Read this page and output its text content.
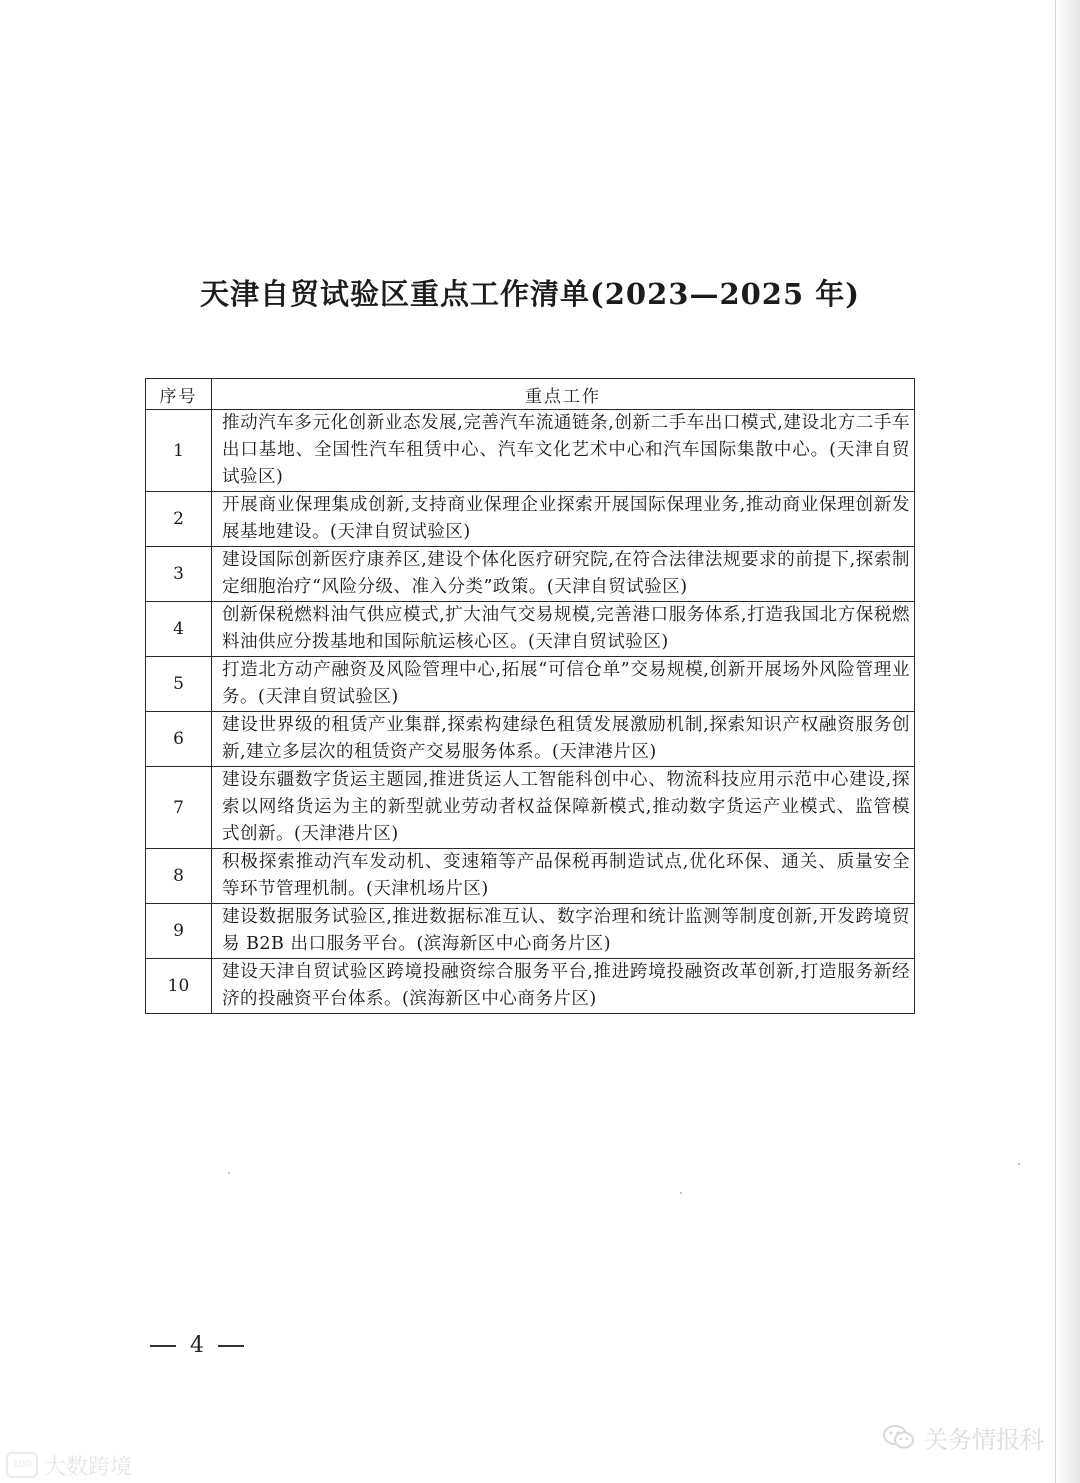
天津自贸试验区重点工作清单(2023—2025 年)
序号	重点工作
1	推动汽车多元化创新业态发展,完善汽车流通链条,创新二手车出口模式,建设北方二手车出口基地、全国性汽车租赁中心、汽车文化艺术中心和汽车国际集散中心。(天津自贸试验区)
2	开展商业保理集成创新,支持商业保理企业探索开展国际保理业务,推动商业保理创新发展基地建设。(天津自贸试验区)
3	建设国际创新医疗康养区,建设个体化医疗研究院,在符合法律法规要求的前提下,探索制定细胞治疗“风险分级、准入分类”政策。(天津自贸试验区)
4	创新保税燃料油气供应模式,扩大油气交易规模,完善港口服务体系,打造我国北方保税燃料油供应分拨基地和国际航运核心区。(天津自贸试验区)
5	打造北方动产融资及风险管理中心,拓展“可信仓单”交易规模,创新开展场外风险管理业务。(天津自贸试验区)
6	建设世界级的租赁产业集群,探索构建绿色租赁发展激励机制,探索知识产权融资服务创新,建立多层次的租赁资产交易服务体系。(天津港片区)
7	建设东疆数字货运主题园,推进货运人工智能科创中心、物流科技应用示范中心建设,探索以网络货运为主的新型就业劳动者权益保障新模式,推动数字货运产业模式、监管模式创新。(天津港片区)
8	积极探索推动汽车发动机、变速箱等产品保税再制造试点,优化环保、通关、质量安全等环节管理机制。(天津机场片区)
9	建设数据服务试验区,推进数据标准互认、数字治理和统计监测等制度创新,开发跨境贸易 B2B 出口服务平台。(滨海新区中心商务片区)
10	建设天津自贸试验区跨境投融资综合服务平台,推进跨境投融资改革创新,打造服务新经济的投融资平台体系。(滨海新区中心商务片区)
4
100 大数跨境
关务情报科
